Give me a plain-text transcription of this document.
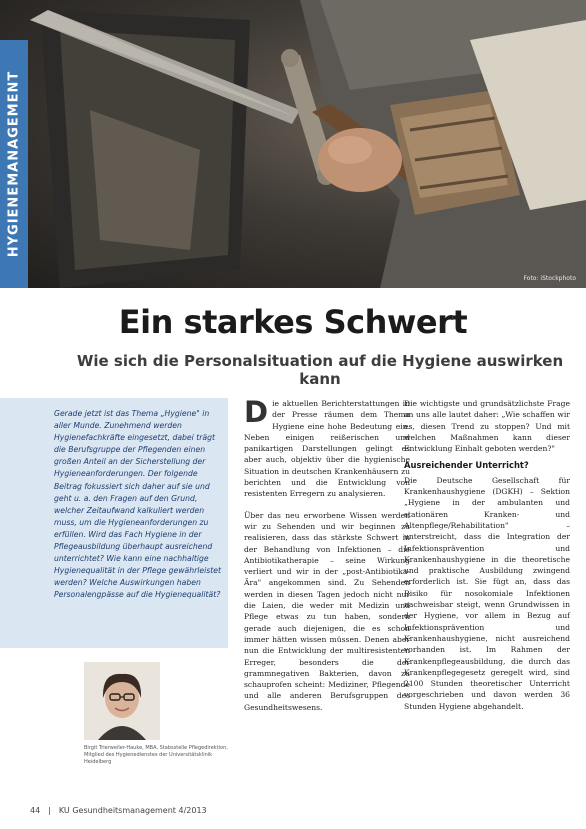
Foto: iStockphoto
HYGIENEMANAGEMENT
Ein starkes Schwert
Wie sich die Personalsituation auf die Hygiene auswirken kann

Gerade jetzt ist das Thema „Hygiene" in aller Munde. Zunehmend werden Hygienefachkräfte eingesetzt, dabei trägt die Berufsgruppe der Pflegenden einen großen Anteil an der Sicherstellung der Hygieneanforderungen. Der folgende Beitrag fokussiert sich daher auf sie und geht u. a. den Fragen auf den Grund, welcher Zeitaufwand kalkuliert werden muss, um die Hygieneanforderungen zu erfüllen. Wird das Fach Hygiene in der Pflegeausbildung überhaupt ausreichend unterrichtet? Wie kann eine nachhaltige Hygienequalität in der Pflege gewährleistet werden? Welche Auswirkungen haben Personalengpässe auf die Hygienequalität?

Birgit Trierweiler-Hauke, MBA, Stabsstelle Pflegedirektion, Mitglied des Hygienedienstes der Universitätsklinik Heidelberg

Die aktuellen Berichterstattungen in der Presse räumen dem Thema Hygiene eine hohe Bedeutung ein. Neben einigen reißerischen und panikartigen Darstellungen gelingt es aber auch, objektiv über die hygienische Situation in deutschen Krankenhäusern zu berichten und die Entwicklung von resistenten Erregern zu analysieren.

Über das neu erworbene Wissen werden wir zu Sehenden und wir beginnen zu realisieren, dass das stärkste Schwert in der Behandlung von Infektionen – die Antibiotikatherapie – seine Wirkung verliert und wir in der „post-Antibiotika-Ära" angekommen sind. Zu Sehenden werden in diesen Tagen jedoch nicht nur die Laien, die weder mit Medizin und Pflege etwas zu tun haben, sondern gerade auch diejenigen, die es schon immer hätten wissen müssen. Denen aber nun die Entwicklung der multiresistenten Erreger, besonders die der grammnegativen Bakterien, davon zu schauprofen scheint: Mediziner, Pflegende und alle anderen Berufsgruppen des Gesundheitswesens.

Die wichtigste und grundsätzlichste Frage an uns alle lautet daher: „Wie schaffen wir es, diesen Trend zu stoppen? Und mit welchen Maßnahmen kann dieser Entwicklung Einhalt geboten werden?"

Ausreichender Unterricht?

Die Deutsche Gesellschaft für Krankenhaushygiene (DGKH) – Sektion „Hygiene in der ambulanten und stationären Kranken- und Altenpflege/Rehabilitation" – unterstreicht, dass die Integration der Infektionsprävention und Krankenhaushygiene in die theoretische und praktische Ausbildung zwingend erforderlich ist. Sie fügt an, dass das Risiko für nosokomiale Infektionen nachweisbar steigt, wenn Grundwissen in der Hygiene, vor allem in Bezug auf Infektionsprävention und Krankenhaushygiene, nicht ausreichend vorhanden ist. Im Rahmen der Krankenpflegeausbildung, die durch das Krankenpflegegesetz geregelt wird, sind 2100 Stunden theoretischer Unterricht vorgeschrieben und davon werden 36 Stunden Hygiene abgehandelt.

44 | KU Gesundheitsmanagement 4/2013
